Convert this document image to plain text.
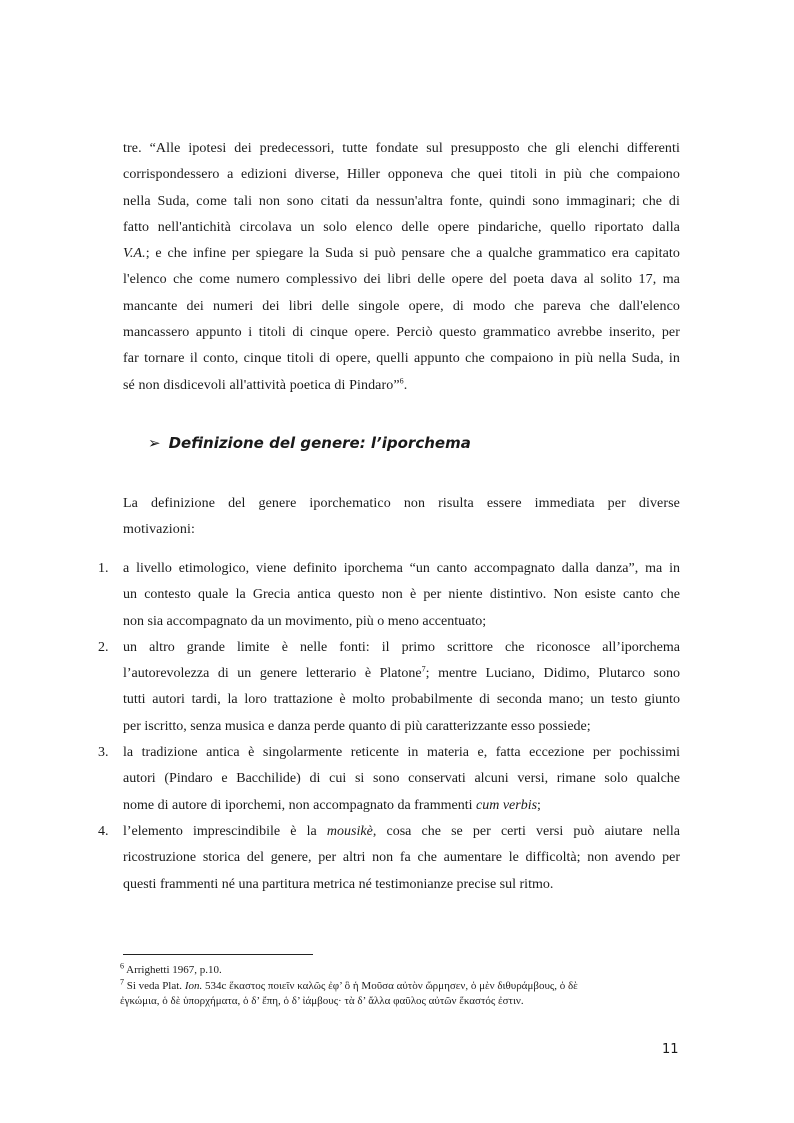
tre. “Alle ipotesi dei predecessori, tutte fondate sul presupposto che gli elenchi differenti
corrispondessero a edizioni diverse, Hiller opponeva che quei titoli in più che compaiono
nella Suda, come tali non sono citati da nessun'altra fonte, quindi sono immaginari; che di
fatto nell'antichità circolava un solo elenco delle opere pindariche, quello riportato dalla
V.A.; e che infine per spiegare la Suda si può pensare che a qualche grammatico era capitato
l'elenco che come numero complessivo dei libri delle opere del poeta dava al solito 17, ma
mancante dei numeri dei libri delle singole opere, di modo che pareva che dall'elenco
mancassero appunto i titoli di cinque opere. Perciò questo grammatico avrebbe inserito, per
far tornare il conto, cinque titoli di opere, quelli appunto che compaiono in più nella Suda, in
sé non disdicevoli all'attività poetica di Pindaro”$^6$.
➢ Definizione del genere: l’iporchema
La definizione del genere iporchematico non risulta essere immediata per diverse
motivazioni:
1. a livello etimologico, viene definito iporchema “un canto accompagnato dalla danza”, ma in
un contesto quale la Grecia antica questo non è per niente distintivo. Non esiste canto che
non sia accompagnato da un movimento, più o meno accentuato;
2. un altro grande limite è nelle fonti: il primo scrittore che riconosce all’iporchema
l’autorevolezza di un genere letterario è Platone$^7$; mentre Luciano, Didimo, Plutarco sono
tutti autori tardi, la loro trattazione è molto probabilmente di seconda mano; un testo giunto
per iscritto, senza musica e danza perde quanto di più caratterizzante esso possiede;
3. la tradizione antica è singolarmente reticente in materia e, fatta eccezione per pochissimi
autori (Pindaro e Bacchilide) di cui si sono conservati alcuni versi, rimane solo qualche
nome di autore di iporchemi, non accompagnato da frammenti cum verbis;
4. l’elemento imprescindibile è la mousikè, cosa che se per certi versi può aiutare nella
ricostruzione storica del genere, per altri non fa che aumentare le difficoltà; non avendo per
questi frammenti né una partitura metrica né testimonianze precise sul ritmo.
$^6$ Arrighetti 1967, p.10.
$^7$ Si veda Plat. Ion. 534c ἕκαστος ποιεῖν καλῶς ἐφ’ ὃ ἡ Μοῦσα αὐτὸν ὥρμησεν, ὁ μὲν διθυράμβους, ὁ δὲ
ἐγκώμια, ὁ δὲ ὑπορχήματα, ὁ δ’ ἔπη, ὁ δ’ ἰάμβους· τὰ δ’ ἄλλα φαῦλος αὐτῶν ἕκαστός ἐστιν.
11
